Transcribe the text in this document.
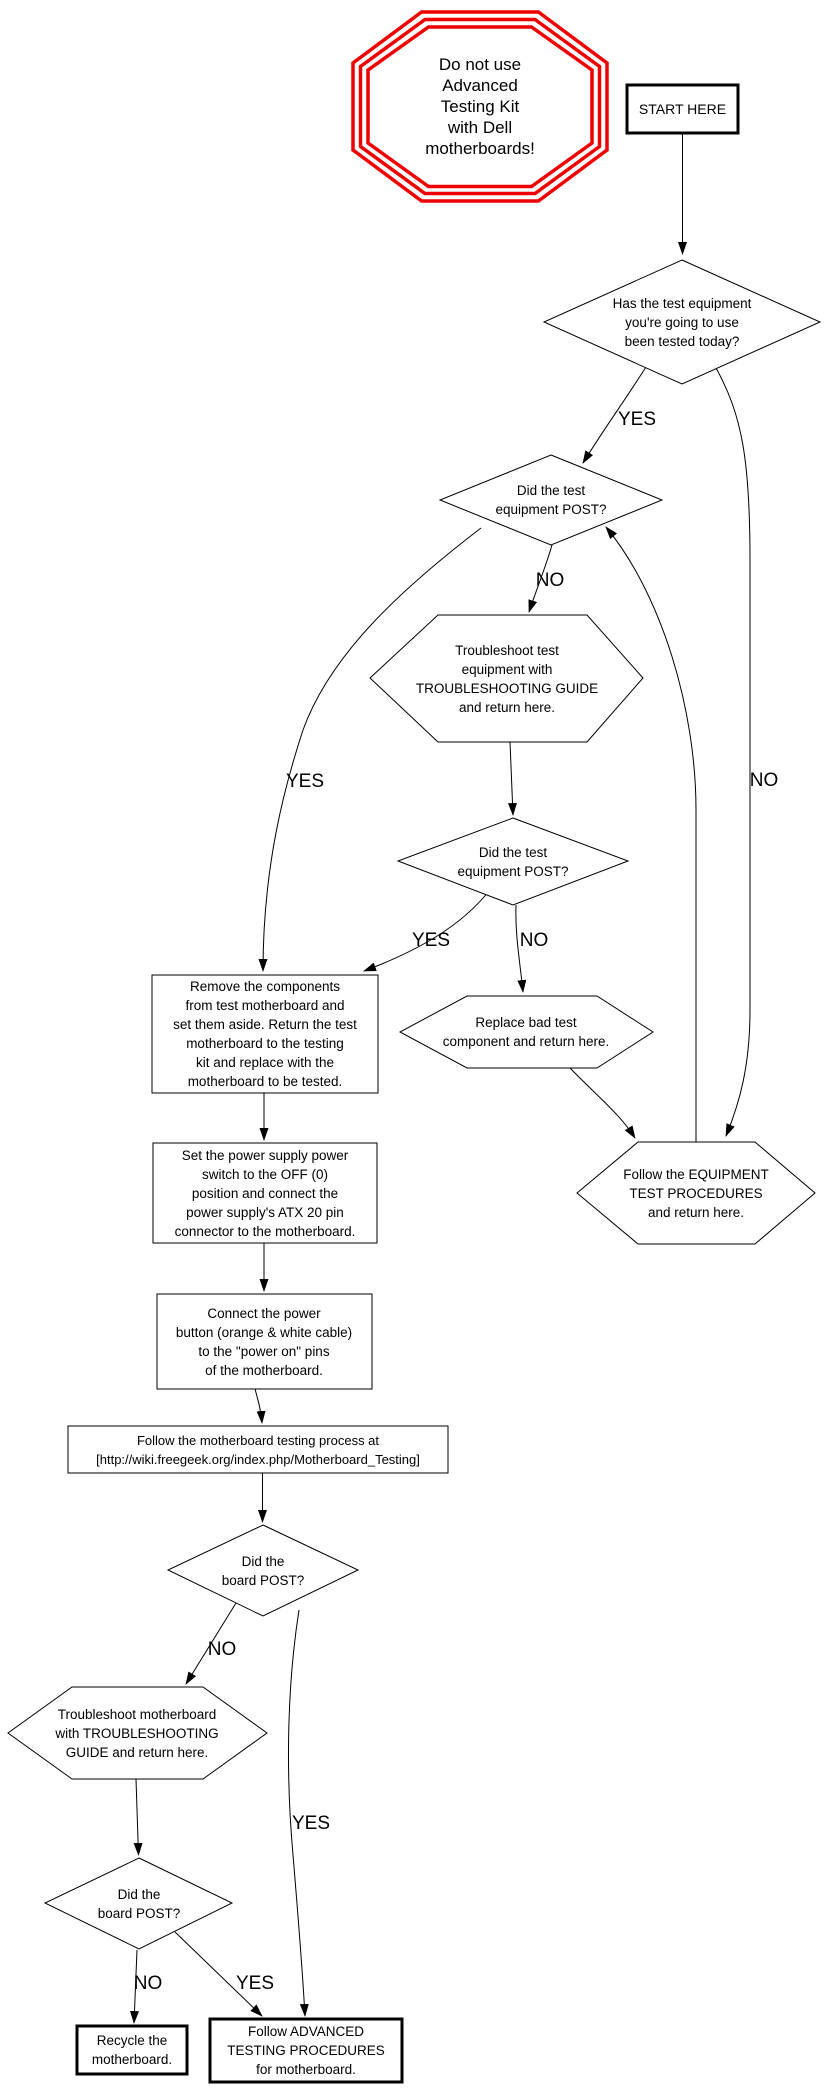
YES
NO
NO
YES
YES	NO
NO
YES
NO	YES
Do not use Advanced Testing Kit with Dell motherboards!
START HERE
Has the test equipment you're going to use been tested today?
Did the test equipment POST?
Troubleshoot test equipment with TROUBLESHOOTING GUIDE and return here.
Did the test equipment POST?
Replace bad test component and return here.
Remove the components from test motherboard and set them aside. Return the test motherboard to the testing kit and replace with the motherboard to be tested.
Set the power supply power switch to the OFF (0) position and connect the power supply's ATX 20 pin connector to the motherboard.
Connect the power button (orange & white cable) to the "power on" pins of the motherboard.
Follow the motherboard testing process at [http://wiki.freegeek.org/index.php/Motherboard_Testing]
Did the board POST?
Troubleshoot motherboard with TROUBLESHOOTING GUIDE and return here.
Did the board POST?
Recycle the motherboard.
Follow ADVANCED TESTING PROCEDURES for motherboard.
Follow the EQUIPMENT TEST PROCEDURES and return here.
